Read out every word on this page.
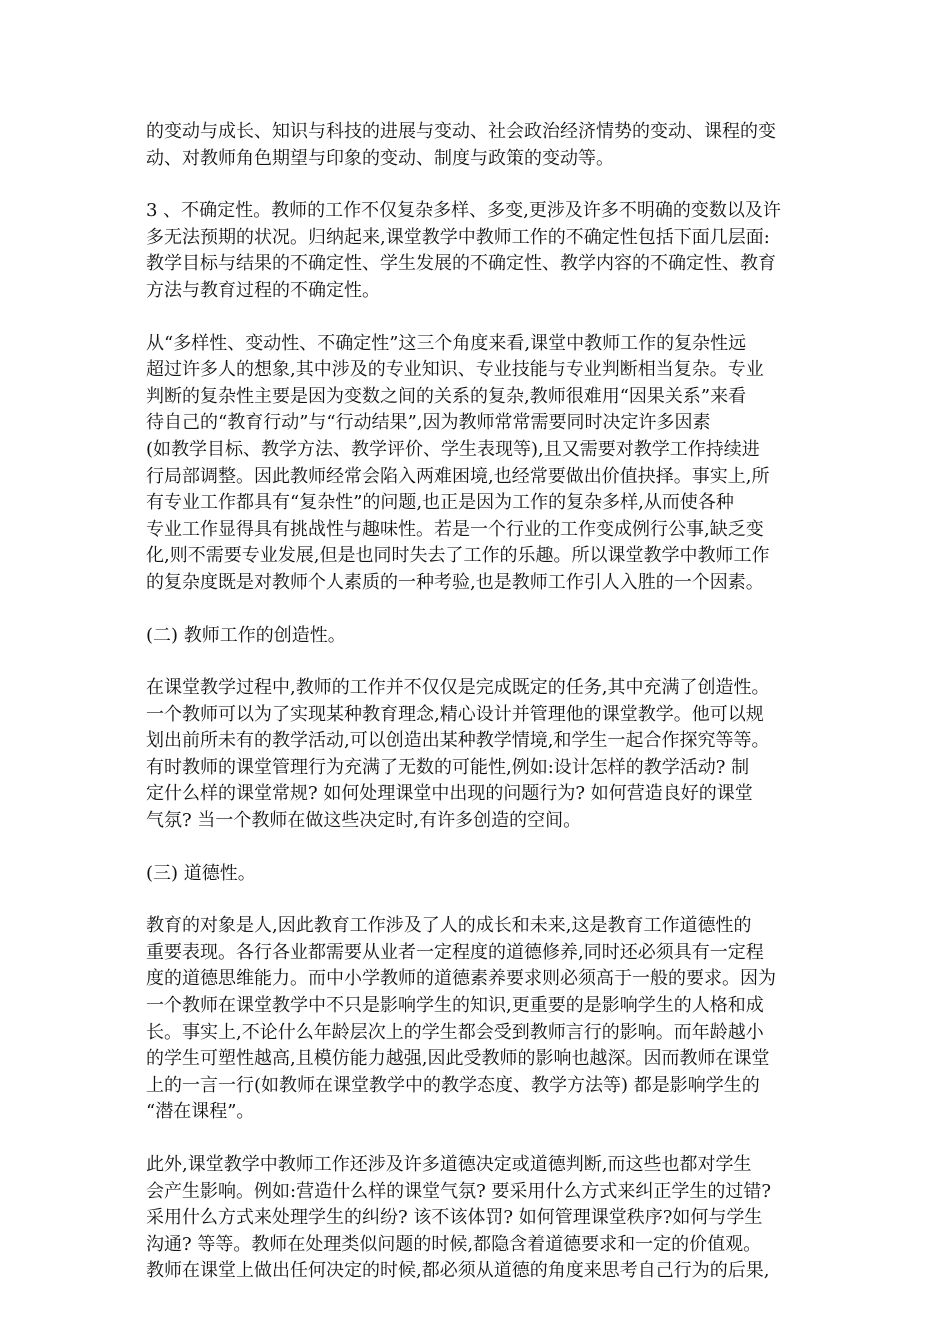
的变动与成长、知识与科技的进展与变动、社会政治经济情势的变动、课程的变
动、对教师角色期望与印象的变动、制度与政策的变动等。
3 、不确定性。教师的工作不仅复杂多样、多变,更涉及许多不明确的变数以及许
多无法预期的状况。归纳起来,课堂教学中教师工作的不确定性包括下面几层面:
教学目标与结果的不确定性、学生发展的不确定性、教学内容的不确定性、教育
方法与教育过程的不确定性。
从“多样性、变动性、不确定性”这三个角度来看,课堂中教师工作的复杂性远
超过许多人的想象,其中涉及的专业知识、专业技能与专业判断相当复杂。专业
判断的复杂性主要是因为变数之间的关系的复杂,教师很难用“因果关系”来看
待自己的“教育行动”与“行动结果”,因为教师常常需要同时决定许多因素
(如教学目标、教学方法、教学评价、学生表现等),且又需要对教学工作持续进
行局部调整。因此教师经常会陷入两难困境,也经常要做出价值抉择。事实上,所
有专业工作都具有“复杂性”的问题,也正是因为工作的复杂多样,从而使各种
专业工作显得具有挑战性与趣味性。若是一个行业的工作变成例行公事,缺乏变
化,则不需要专业发展,但是也同时失去了工作的乐趣。所以课堂教学中教师工作
的复杂度既是对教师个人素质的一种考验,也是教师工作引人入胜的一个因素。
(二) 教师工作的创造性。
在课堂教学过程中,教师的工作并不仅仅是完成既定的任务,其中充满了创造性。
一个教师可以为了实现某种教育理念,精心设计并管理他的课堂教学。他可以规
划出前所未有的教学活动,可以创造出某种教学情境,和学生一起合作探究等等。
有时教师的课堂管理行为充满了无数的可能性,例如:设计怎样的教学活动? 制
定什么样的课堂常规? 如何处理课堂中出现的问题行为? 如何营造良好的课堂
气氛? 当一个教师在做这些决定时,有许多创造的空间。
(三) 道德性。
教育的对象是人,因此教育工作涉及了人的成长和未来,这是教育工作道德性的
重要表现。各行各业都需要从业者一定程度的道德修养,同时还必须具有一定程
度的道德思维能力。而中小学教师的道德素养要求则必须高于一般的要求。因为
一个教师在课堂教学中不只是影响学生的知识,更重要的是影响学生的人格和成
长。事实上,不论什么年龄层次上的学生都会受到教师言行的影响。而年龄越小
的学生可塑性越高,且模仿能力越强,因此受教师的影响也越深。因而教师在课堂
上的一言一行(如教师在课堂教学中的教学态度、教学方法等) 都是影响学生的
“潜在课程”。
此外,课堂教学中教师工作还涉及许多道德决定或道德判断,而这些也都对学生
会产生影响。例如:营造什么样的课堂气氛? 要采用什么方式来纠正学生的过错?
采用什么方式来处理学生的纠纷? 该不该体罚? 如何管理课堂秩序?如何与学生
沟通? 等等。教师在处理类似问题的时候,都隐含着道德要求和一定的价值观。
教师在课堂上做出任何决定的时候,都必须从道德的角度来思考自己行为的后果,
